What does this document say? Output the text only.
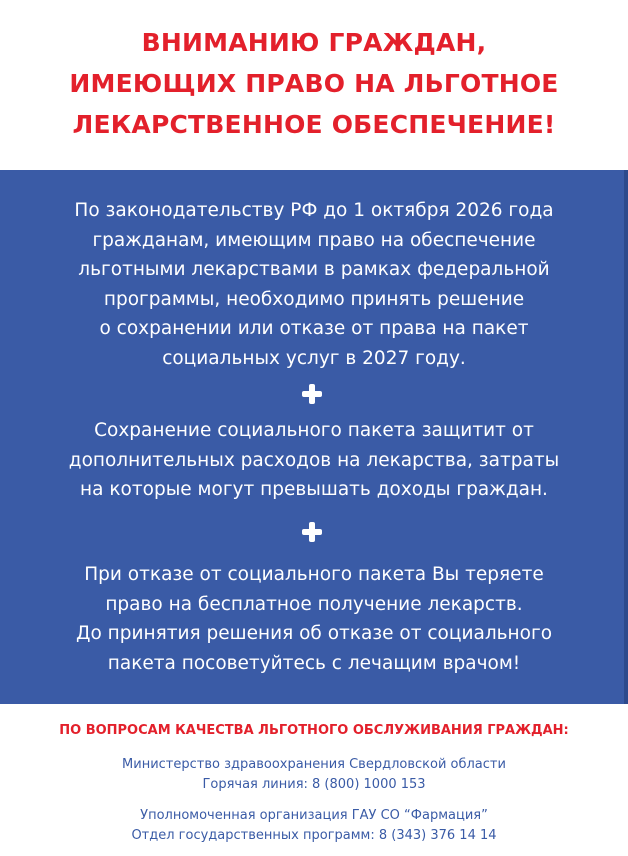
ВНИМАНИЮ ГРАЖДАН,
ИМЕЮЩИХ ПРАВО НА ЛЬГОТНОЕ
ЛЕКАРСТВЕННОЕ ОБЕСПЕЧЕНИЕ!
По законодательству РФ до 1 октября 2026 года
гражданам, имеющим право на обеспечение
льготными лекарствами в рамках федеральной
программы, необходимо принять решение
о сохранении или отказе от права на пакет
социальных услуг в 2027 году.
Сохранение социального пакета защитит от
дополнительных расходов на лекарства, затраты
на которые могут превышать доходы граждан.
При отказе от социального пакета Вы теряете
право на бесплатное получение лекарств.
До принятия решения об отказе от социального
пакета посоветуйтесь с лечащим врачом!
ПО ВОПРОСАМ КАЧЕСТВА ЛЬГОТНОГО ОБСЛУЖИВАНИЯ ГРАЖДАН:
Министерство здравоохранения Свердловской области
Горячая линия: 8 (800) 1000 153
Уполномоченная организация ГАУ СО “Фармация”
Отдел государственных программ: 8 (343) 376 14 14
